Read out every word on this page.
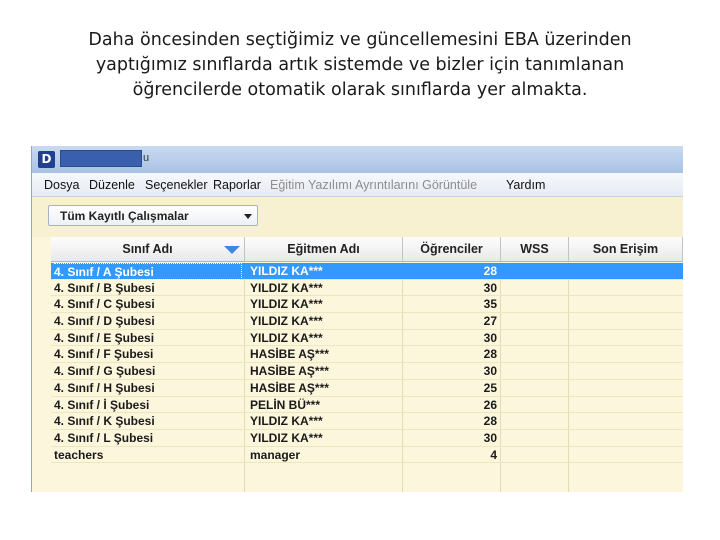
Daha öncesinden seçtiğimiz ve güncellemesini EBA üzerinden
yaptığımız sınıflarda artık sistemde ve bizler için tanımlanan
öğrencilerde otomatik olarak sınıflarda yer almakta.
D	u
Dosya Düzenle Seçenekler Raporlar Eğitim Yazılımı Ayrıntılarını Görüntüle Yardım
Tüm Kayıtlı Çalışmalar
Sınıf Adı	Eğitmen Adı	Öğrenciler	WSS	Son Erişim
4. Sınıf / A Şubesi	YILDIZ KA***	28
4. Sınıf / B Şubesi	YILDIZ KA***	30
4. Sınıf / C Şubesi	YILDIZ KA***	35
4. Sınıf / D Şubesi	YILDIZ KA***	27
4. Sınıf / E Şubesi	YILDIZ KA***	30
4. Sınıf / F Şubesi	HASİBE AŞ***	28
4. Sınıf / G Şubesi	HASİBE AŞ***	30
4. Sınıf / H Şubesi	HASİBE AŞ***	25
4. Sınıf / İ Şubesi	PELİN BÜ***	26
4. Sınıf / K Şubesi	YILDIZ KA***	28
4. Sınıf / L Şubesi	YILDIZ KA***	30
teachers	manager	4
